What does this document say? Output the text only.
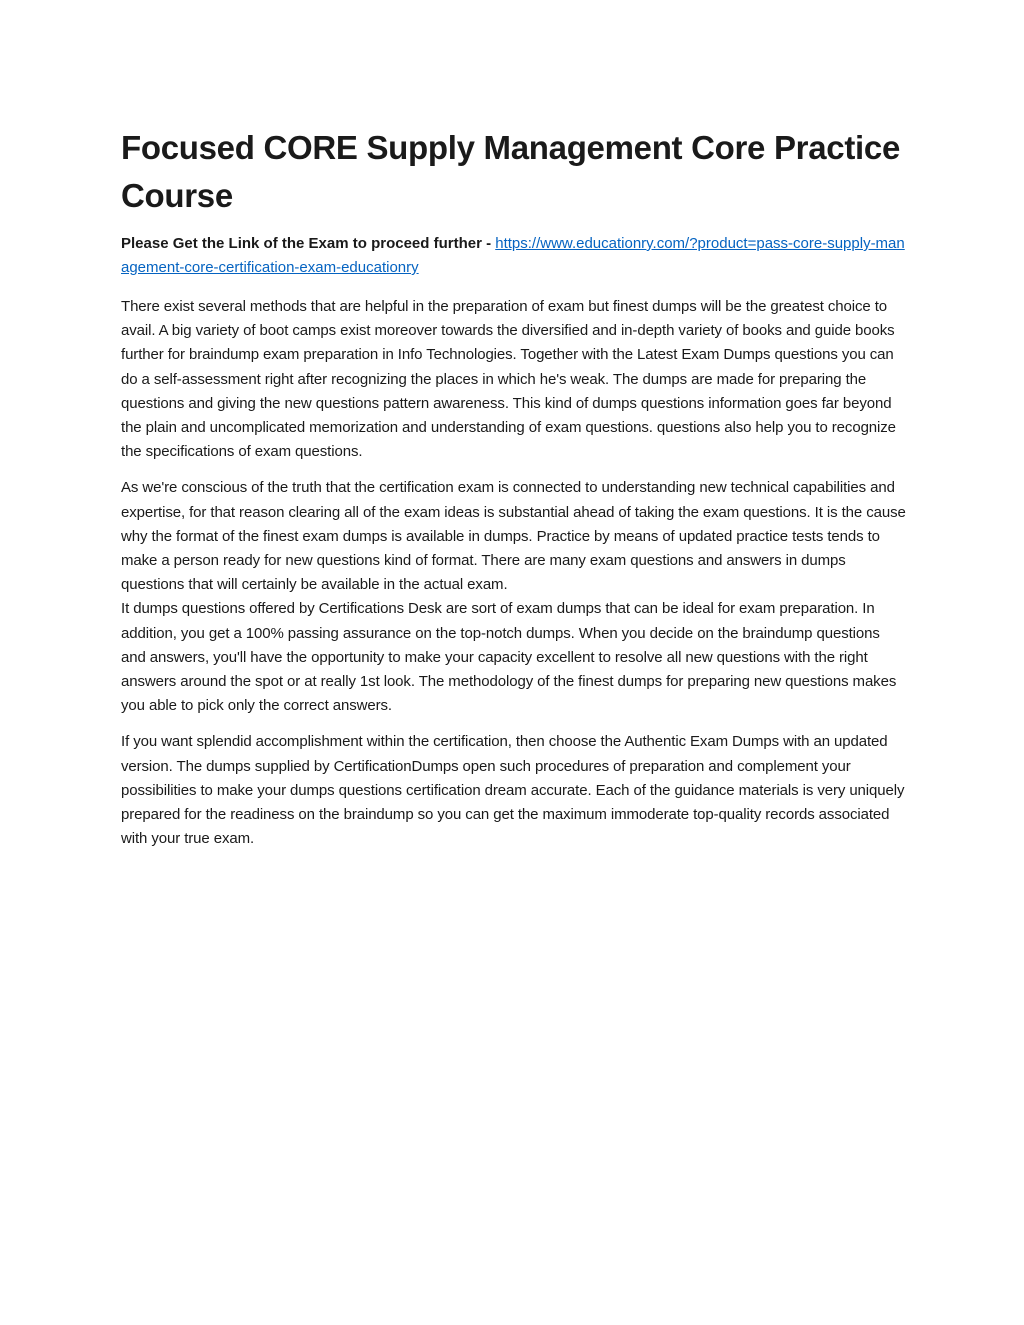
Focused CORE Supply Management Core Practice Course

Please Get the Link of the Exam to proceed further - https://www.educationry.com/?product=pass-core-supply-management-core-certification-exam-educationry

There exist several methods that are helpful in the preparation of exam but finest dumps will be the greatest choice to avail. A big variety of boot camps exist moreover towards the diversified and in-depth variety of books and guide books further for braindump exam preparation in Info Technologies. Together with the Latest Exam Dumps questions you can do a self-assessment right after recognizing the places in which he's weak. The dumps are made for preparing the questions and giving the new questions pattern awareness. This kind of dumps questions information goes far beyond the plain and uncomplicated memorization and understanding of exam questions. questions also help you to recognize the specifications of exam questions.

As we're conscious of the truth that the certification exam is connected to understanding new technical capabilities and expertise, for that reason clearing all of the exam ideas is substantial ahead of taking the exam questions. It is the cause why the format of the finest exam dumps is available in dumps. Practice by means of updated practice tests tends to make a person ready for new questions kind of format. There are many exam questions and answers in dumps questions that will certainly be available in the actual exam.

It dumps questions offered by Certifications Desk are sort of exam dumps that can be ideal for exam preparation. In addition, you get a 100% passing assurance on the top-notch dumps. When you decide on the braindump questions and answers, you'll have the opportunity to make your capacity excellent to resolve all new questions with the right answers around the spot or at really 1st look. The methodology of the finest dumps for preparing new questions makes you able to pick only the correct answers.

If you want splendid accomplishment within the certification, then choose the Authentic Exam Dumps with an updated version. The dumps supplied by CertificationDumps open such procedures of preparation and complement your possibilities to make your dumps questions certification dream accurate. Each of the guidance materials is very uniquely prepared for the readiness on the braindump so you can get the maximum immoderate top-quality records associated with your true exam.
